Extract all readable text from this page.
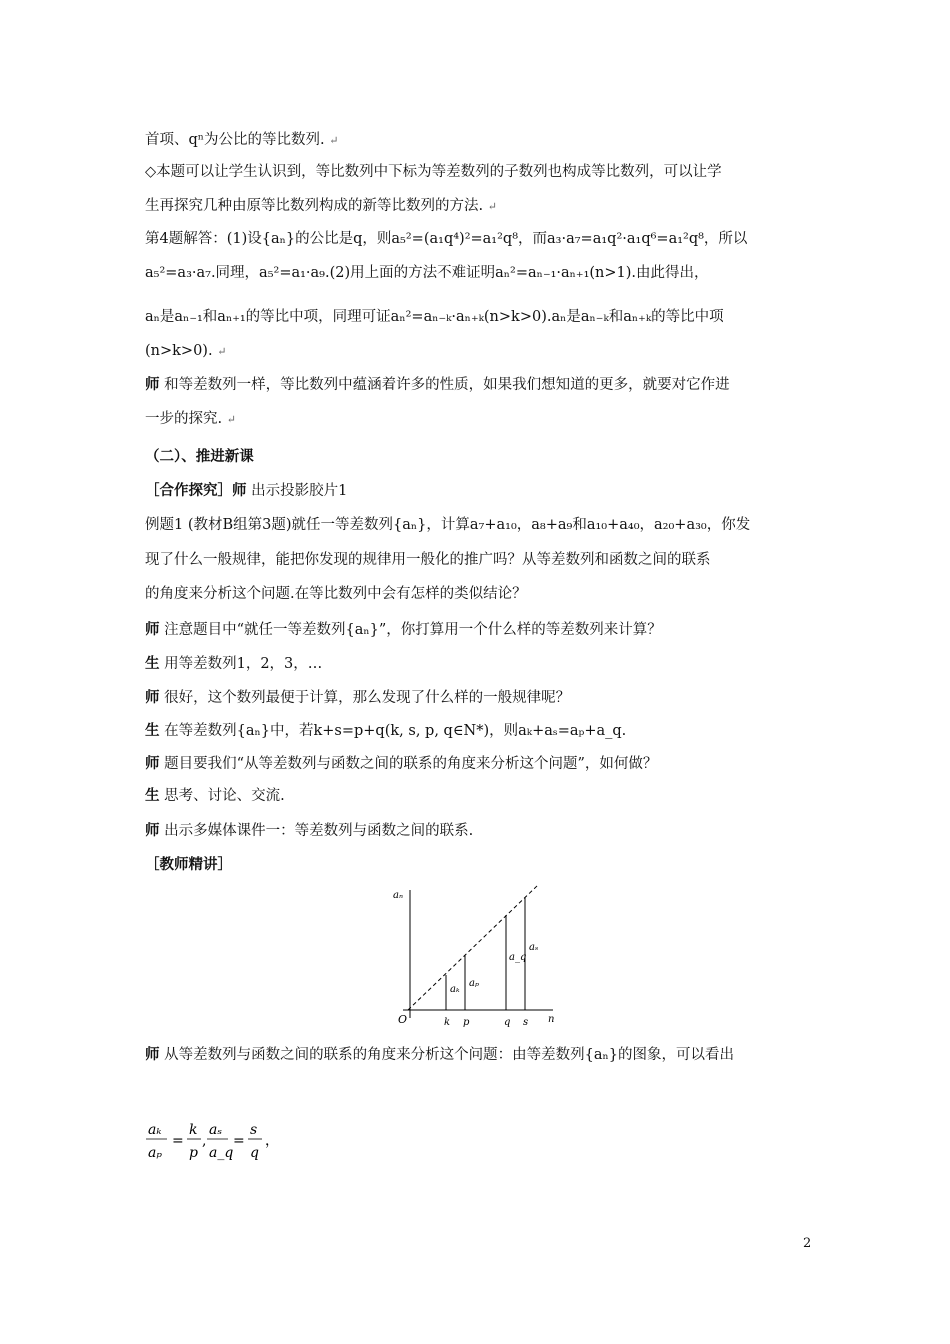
首项、qⁿ为公比的等比数列. ↵
◇本题可以让学生认识到，等比数列中下标为等差数列的子数列也构成等比数列，可以让学
生再探究几种由原等比数列构成的新等比数列的方法. ↵
第4题解答：(1)设{aₙ}的公比是q，则a₅²=(a₁q⁴)²=a₁²q⁸，而a₃·a₇=a₁q²·a₁q⁶=a₁²q⁸，所以
a₅²=a₃·a₇.同理，a₅²=a₁·a₉.(2)用上面的方法不难证明aₙ²=aₙ₋₁·aₙ₊₁(n>1).由此得出，
aₙ是aₙ₋₁和aₙ₊₁的等比中项，同理可证aₙ²=aₙ₋ₖ·aₙ₊ₖ(n>k>0).aₙ是aₙ₋ₖ和aₙ₊ₖ的等比中项
(n>k>0). ↵
师 和等差数列一样，等比数列中蕴涵着许多的性质，如果我们想知道的更多，就要对它作进
一步的探究. ↵
（二）、推进新课
［合作探究］师 出示投影胶片1
例题1 (教材B组第3题)就任一等差数列{aₙ}，计算a₇+a₁₀，a₈+a₉和a₁₀+a₄₀，a₂₀+a₃₀，你发
现了什么一般规律，能把你发现的规律用一般化的推广吗？从等差数列和函数之间的联系
的角度来分析这个问题.在等比数列中会有怎样的类似结论？
师 注意题目中“就任一等差数列{aₙ}”，你打算用一个什么样的等差数列来计算？
生 用等差数列1，2，3，…
师 很好，这个数列最便于计算，那么发现了什么样的一般规律呢？
生 在等差数列{aₙ}中，若k+s=p+q(k, s, p, q∈N*)，则aₖ+aₛ=aₚ+a_q.
师 题目要我们“从等差数列与函数之间的联系的角度来分析这个问题”，如何做？
生 思考、讨论、交流.
师 出示多媒体课件一：等差数列与函数之间的联系.
［教师精讲］
aₙ
n
O	k p	q s
aₖ
aₚ
a_q
aₛ
师 从等差数列与函数之间的联系的角度来分析这个问题：由等差数列{aₙ}的图象，可以看出
aₖ
aₚ
=
k
p
,
aₛ
a_q
=
s
q
，
2
